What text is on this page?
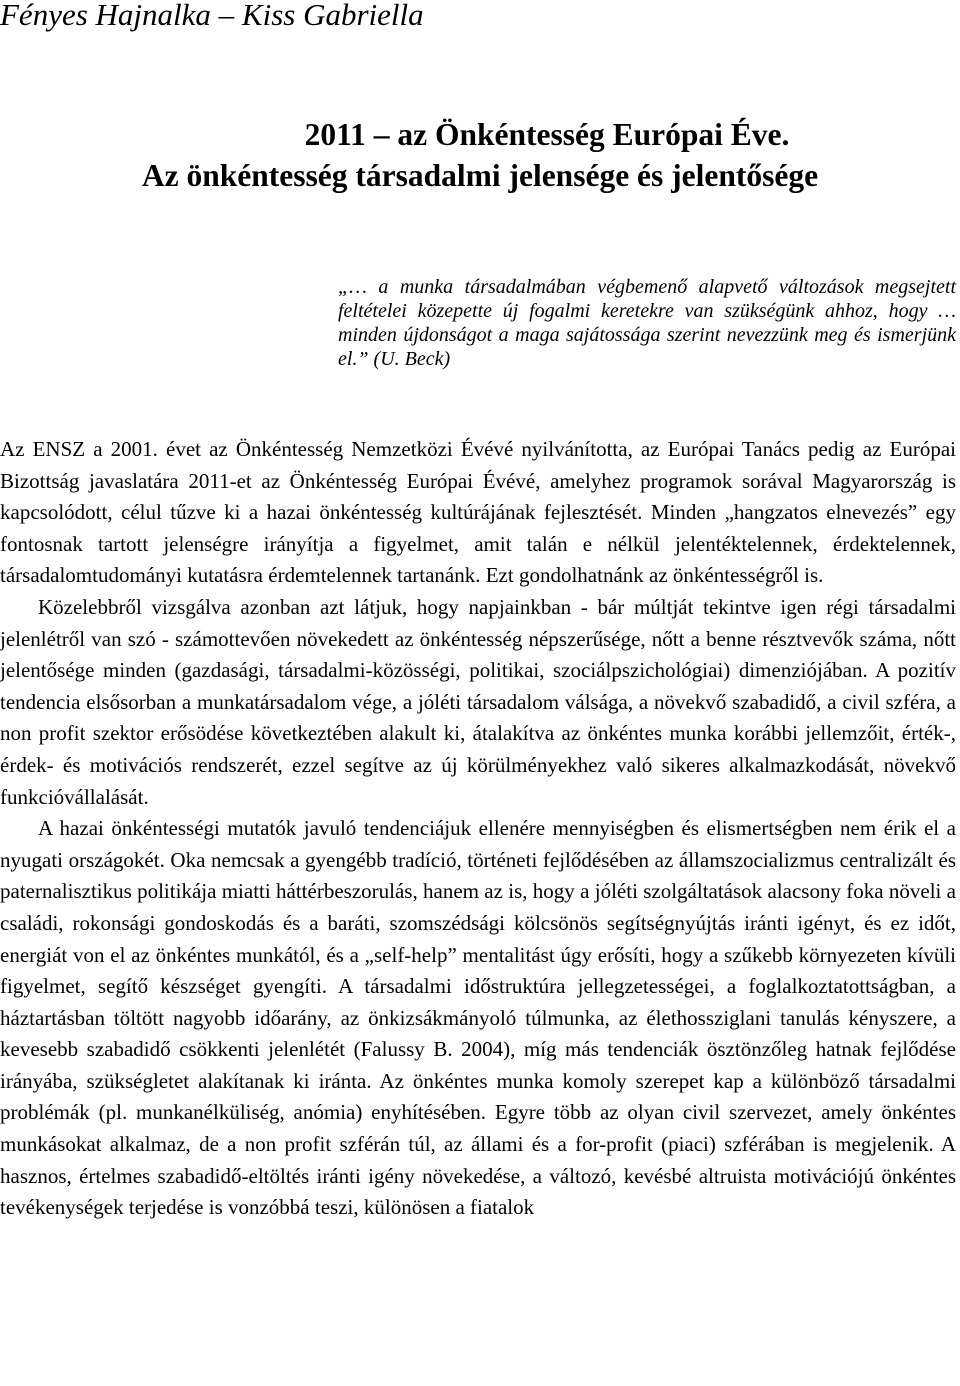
Fényes Hajnalka – Kiss Gabriella
2011 – az Önkéntesség Európai Éve.
Az önkéntesség társadalmi jelensége és jelentősége

„… a munka társadalmában végbemenő alapvető változások megsejtett feltételei közepette új fogalmi keretekre van szükségünk ahhoz, hogy … minden újdonságot a maga sajátossága szerint nevezzünk meg és ismerjünk el.” (U. Beck)

Az ENSZ a 2001. évet az Önkéntesség Nemzetközi Évévé nyilvánította, az Európai Tanács pedig az Európai Bizottság javaslatára 2011-et az Önkéntesség Európai Évévé, amelyhez programok sorával Magyarország is kapcsolódott, célul tűzve ki a hazai önkéntesség kultúrájának fejlesztését. Minden „hangzatos elnevezés” egy fontosnak tartott jelenségre irányítja a figyelmet, amit talán e nélkül jelentéktelennek, érdektelennek, társadalomtudományi kutatásra érdemtelennek tartanánk. Ezt gondolhatnánk az önkéntességről is.

Közelebbről vizsgálva azonban azt látjuk, hogy napjainkban - bár múltját tekintve igen régi társadalmi jelenlétről van szó - számottevően növekedett az önkéntesség népszerűsége, nőtt a benne résztvevők száma, nőtt jelentősége minden (gazdasági, társadalmi-közösségi, politikai, szociálpszichológiai) dimenziójában. A pozitív tendencia elsősorban a munkatársadalom vége, a jóléti társadalom válsága, a növekvő szabadidő, a civil szféra, a non profit szektor erősödése következtében alakult ki, átalakítva az önkéntes munka korábbi jellemzőit, érték-, érdek- és motivációs rendszerét, ezzel segítve az új körülményekhez való sikeres alkalmazkodását, növekvő funkcióvállalását.

A hazai önkéntességi mutatók javuló tendenciájuk ellenére mennyiségben és elismertségben nem érik el a nyugati országokét. Oka nemcsak a gyengébb tradíció, történeti fejlődésében az államszocializmus centralizált és paternalisztikus politikája miatti háttérbeszorulás, hanem az is, hogy a jóléti szolgáltatások alacsony foka növeli a családi, rokonsági gondoskodás és a baráti, szomszédsági kölcsönös segítségnyújtás iránti igényt, és ez időt, energiát von el az önkéntes munkától, és a „self-help” mentalitást úgy erősíti, hogy a szűkebb környezeten kívüli figyelmet, segítő készséget gyengíti. A társadalmi időstruktúra jellegzetességei, a foglalkoztatottságban, a háztartásban töltött nagyobb időarány, az önkizsákmányoló túlmunka, az élethossziglani tanulás kényszere, a kevesebb szabadidő csökkenti jelenlétét (Falussy B. 2004), míg más tendenciák ösztönzőleg hatnak fejlődése irányába, szükségletet alakítanak ki iránta. Az önkéntes munka komoly szerepet kap a különböző társadalmi problémák (pl. munkanélküliség, anómia) enyhítésében. Egyre több az olyan civil szervezet, amely önkéntes munkásokat alkalmaz, de a non profit szférán túl, az állami és a for-profit (piaci) szférában is megjelenik. A hasznos, értelmes szabadidő-eltöltés iránti igény növekedése, a változó, kevésbé altruista motivációjú önkéntes tevékenységek terjedése is vonzóbbá teszi, különösen a fiatalok
